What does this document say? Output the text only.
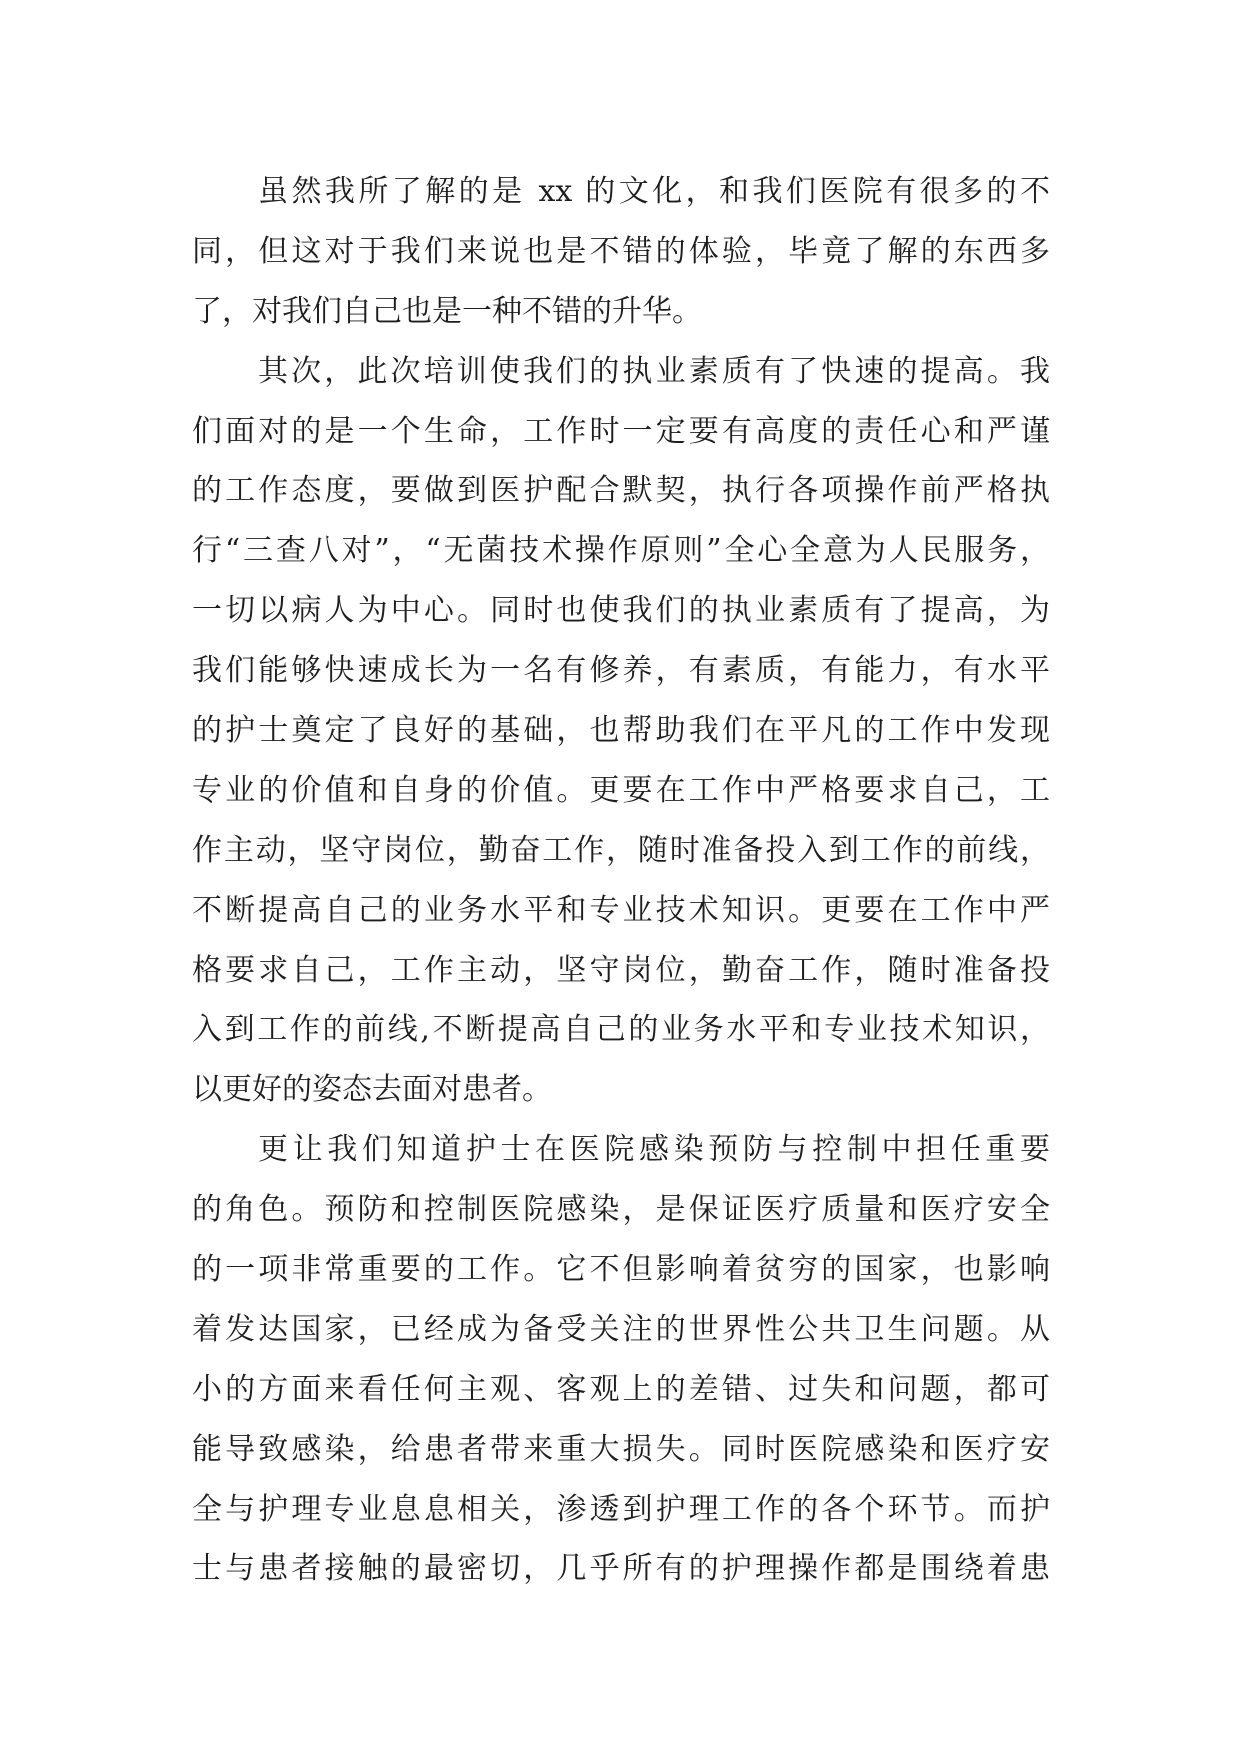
虽然我所了解的是 xx 的文化，和我们医院有很多的不
同，但这对于我们来说也是不错的体验，毕竟了解的东西多
了，对我们自己也是一种不错的升华。
其次，此次培训使我们的执业素质有了快速的提高。我
们面对的是一个生命，工作时一定要有高度的责任心和严谨
的工作态度，要做到医护配合默契，执行各项操作前严格执
行“三查八对”，“无菌技术操作原则”全心全意为人民服务，
一切以病人为中心。同时也使我们的执业素质有了提高，为
我们能够快速成长为一名有修养，有素质，有能力，有水平
的护士奠定了良好的基础，也帮助我们在平凡的工作中发现
专业的价值和自身的价值。更要在工作中严格要求自己，工
作主动，坚守岗位，勤奋工作，随时准备投入到工作的前线，
不断提高自己的业务水平和专业技术知识。更要在工作中严
格要求自己，工作主动，坚守岗位，勤奋工作，随时准备投
入到工作的前线,不断提高自己的业务水平和专业技术知识，
以更好的姿态去面对患者。
更让我们知道护士在医院感染预防与控制中担任重要
的角色。预防和控制医院感染，是保证医疗质量和医疗安全
的一项非常重要的工作。它不但影响着贫穷的国家，也影响
着发达国家，已经成为备受关注的世界性公共卫生问题。从
小的方面来看任何主观、客观上的差错、过失和问题，都可
能导致感染，给患者带来重大损失。同时医院感染和医疗安
全与护理专业息息相关，渗透到护理工作的各个环节。而护
士与患者接触的最密切，几乎所有的护理操作都是围绕着患
